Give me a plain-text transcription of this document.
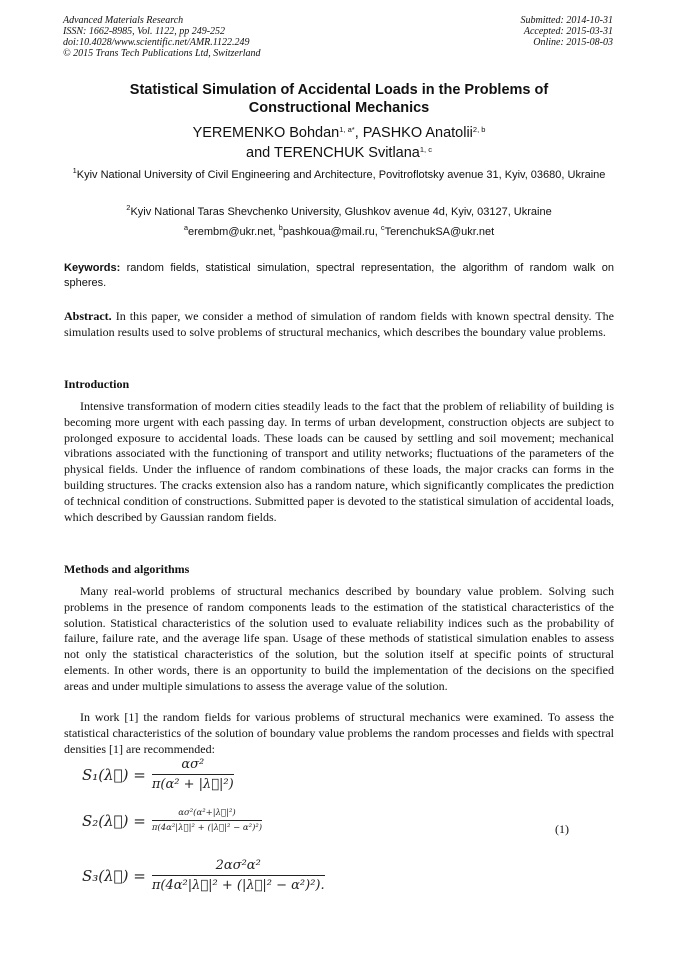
Advanced Materials Research
ISSN: 1662-8985, Vol. 1122, pp 249-252
doi:10.4028/www.scientific.net/AMR.1122.249
© 2015 Trans Tech Publications Ltd, Switzerland
Submitted: 2014-10-31
Accepted: 2015-03-31
Online: 2015-08-03
Statistical Simulation of Accidental Loads in the Problems of
Constructional Mechanics
YEREMENKO Bohdan$^{1, a*}$, PASHKO Anatolii$^{2, b}$
and TERENCHUK Svitlana$^{1, c}$
$^1$Kyiv National University of Civil Engineering and Architecture, Povitroflotsky avenue 31, Kyiv, 03680, Ukraine
$^2$Kyiv National Taras Shevchenko University, Glushkov avenue 4d, Kyiv, 03127, Ukraine
$^a$erembm@ukr.net, $^b$pashkoua@mail.ru, $^c$TerenchukSA@ukr.net
Keywords: random fields, statistical simulation, spectral representation, the algorithm of random walk on spheres.
Abstract. In this paper, we consider a method of simulation of random fields with known spectral density. The simulation results used to solve problems of structural mechanics, which describes the boundary value problems.
Introduction
Intensive transformation of modern cities steadily leads to the fact that the problem of reliability of building is becoming more urgent with each passing day. In terms of urban development, construction objects are subject to prolonged exposure to accidental loads. These loads can be caused by settling and soil movement; mechanical vibrations associated with the functioning of transport and utility networks; fluctuations of the parameters of the physical fields. Under the influence of random combinations of these loads, the major cracks can forms in the building structures. The cracks extension also has a random nature, which significantly complicates the prediction of technical condition of constructions. Submitted paper is devoted to the statistical simulation of accidental loads, which described by Gaussian random fields.
Methods and algorithms
Many real-world problems of structural mechanics described by boundary value problem. Solving such problems in the presence of random components leads to the estimation of the statistical characteristics of the solution. Statistical characteristics of the solution used to evaluate reliability indices such as the probability of failure, failure rate, and the average life span. Usage of these methods of statistical simulation enables to assess not only the statistical characteristics of the solution, but the solution itself at specific points of structural elements. In other words, there is an opportunity to build the implementation of the decisions on the specified areas and under multiple simulations to assess the average value of the solution.
In work [1] the random fields for various problems of structural mechanics were examined. To assess the statistical characteristics of the solution of boundary value problems the random processes and fields with spectral densities [1] are recommended:
S₁(λ⃗) = $\frac{\text{ασ²}}{\text{π(α² + |λ⃗|²)}}$
S₂(λ⃗) = $\frac{\text{ασ²(α²+|λ⃗|²)}}{\text{π(4α²|λ⃗|² + (|λ⃗|² − α²)²)}}$	(1)
S₃(λ⃗) = $\frac{\text{2ασ²α²}}{\text{π(4α²|λ⃗|² + (|λ⃗|² − α²)²).}}$
